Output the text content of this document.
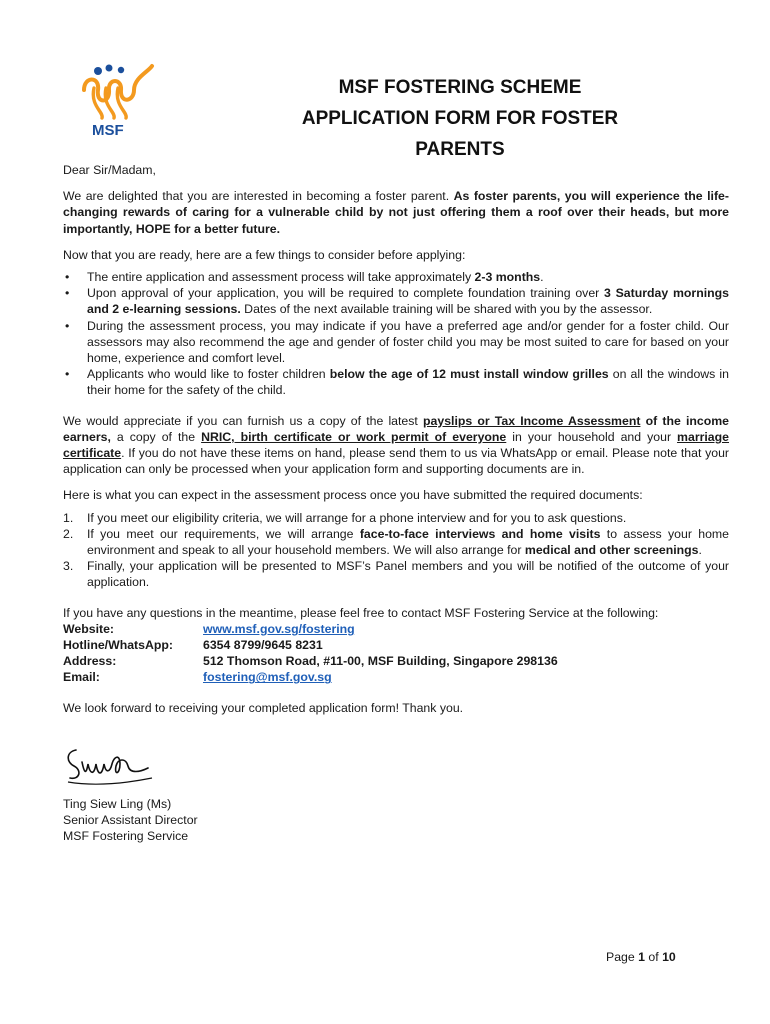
MSF
MSF FOSTERING SCHEME
APPLICATION FORM FOR FOSTER
PARENTS

Dear Sir/Madam,

We are delighted that you are interested in becoming a foster parent. As foster parents, you will experience the life-changing rewards of caring for a vulnerable child by not just offering them a roof over their heads, but more importantly, HOPE for a better future.

Now that you are ready, here are a few things to consider before applying:

• The entire application and assessment process will take approximately 2-3 months.
• Upon approval of your application, you will be required to complete foundation training over 3 Saturday mornings and 2 e-learning sessions. Dates of the next available training will be shared with you by the assessor.
• During the assessment process, you may indicate if you have a preferred age and/or gender for a foster child. Our assessors may also recommend the age and gender of foster child you may be most suited to care for based on your home, experience and comfort level.
• Applicants who would like to foster children below the age of 12 must install window grilles on all the windows in their home for the safety of the child.

We would appreciate if you can furnish us a copy of the latest payslips or Tax Income Assessment of the income earners, a copy of the NRIC, birth certificate or work permit of everyone in your household and your marriage certificate. If you do not have these items on hand, please send them to us via WhatsApp or email. Please note that your application can only be processed when your application form and supporting documents are in.

Here is what you can expect in the assessment process once you have submitted the required documents:

1. If you meet our eligibility criteria, we will arrange for a phone interview and for you to ask questions.
2. If you meet our requirements, we will arrange face-to-face interviews and home visits to assess your home environment and speak to all your household members. We will also arrange for medical and other screenings.
3. Finally, your application will be presented to MSF’s Panel members and you will be notified of the outcome of your application.

If you have any questions in the meantime, please feel free to contact MSF Fostering Service at the following:

Website:	www.msf.gov.sg/fostering
Hotline/WhatsApp:	6354 8799/9645 8231
Address:	512 Thomson Road, #11-00, MSF Building, Singapore 298136
Email:	fostering@msf.gov.sg

We look forward to receiving your completed application form! Thank you.

Ting Siew Ling (Ms)
Senior Assistant Director
MSF Fostering Service
Page 1 of 10
